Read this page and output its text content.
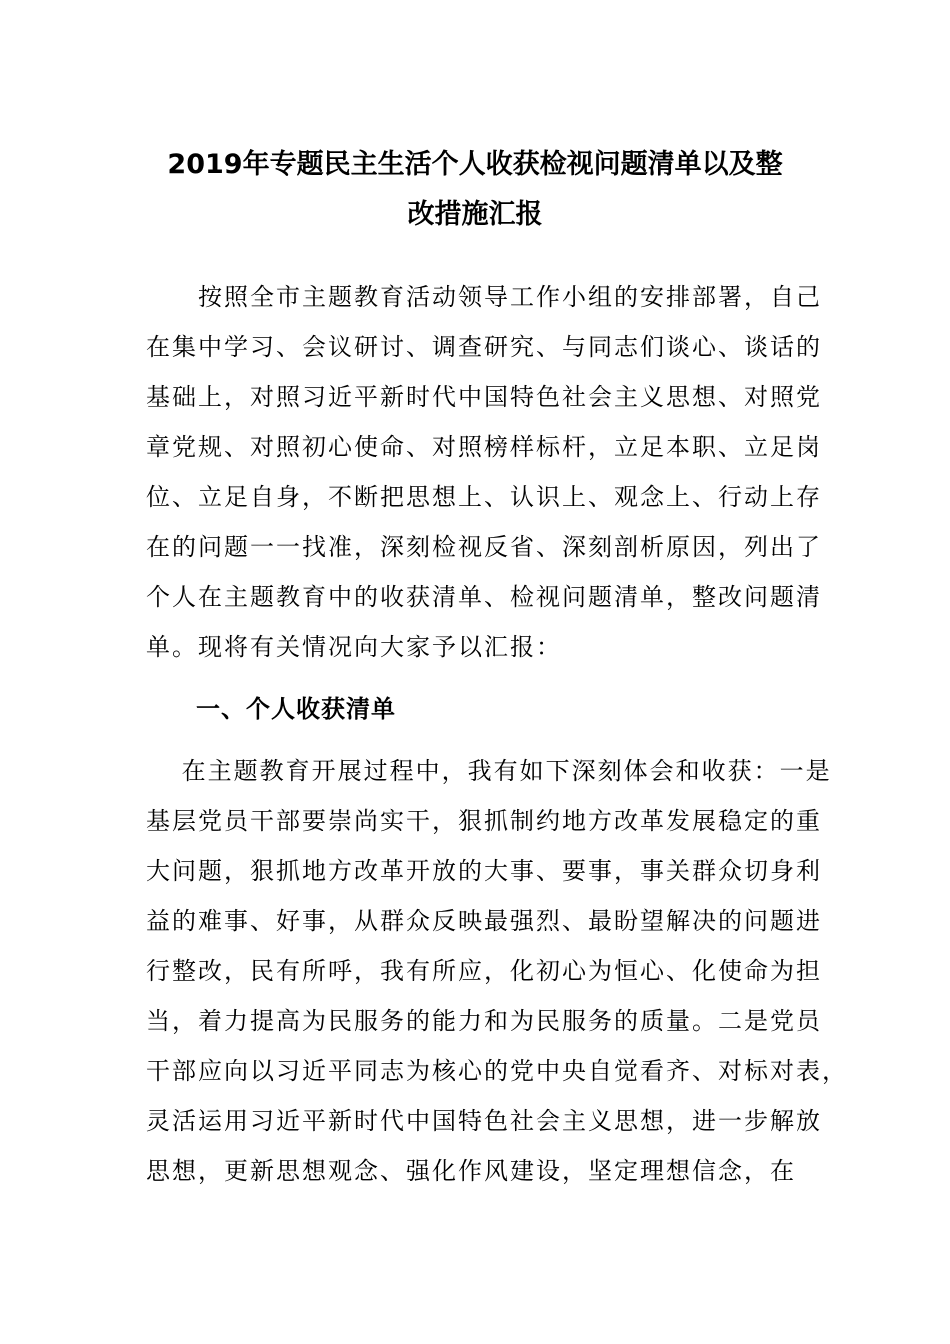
2019年专题民主生活个人收获检视问题清单以及整
改措施汇报
　　按照全市主题教育活动领导工作小组的安排部署，自己
在集中学习、会议研讨、调查研究、与同志们谈心、谈话的
基础上，对照习近平新时代中国特色社会主义思想、对照党
章党规、对照初心使命、对照榜样标杆，立足本职、立足岗
位、立足自身，不断把思想上、认识上、观念上、行动上存
在的问题一一找准，深刻检视反省、深刻剖析原因，列出了
个人在主题教育中的收获清单、检视问题清单，整改问题清
单。现将有关情况向大家予以汇报：
　　一、个人收获清单
　 在主题教育开展过程中，我有如下深刻体会和收获：一是
基层党员干部要崇尚实干，狠抓制约地方改革发展稳定的重
大问题，狠抓地方改革开放的大事、要事，事关群众切身利
益的难事、好事，从群众反映最强烈、最盼望解决的问题进
行整改，民有所呼，我有所应，化初心为恒心、化使命为担
当，着力提高为民服务的能力和为民服务的质量。二是党员
干部应向以习近平同志为核心的党中央自觉看齐、对标对表，
灵活运用习近平新时代中国特色社会主义思想，进一步解放
思想，更新思想观念、强化作风建设，坚定理想信念，在
